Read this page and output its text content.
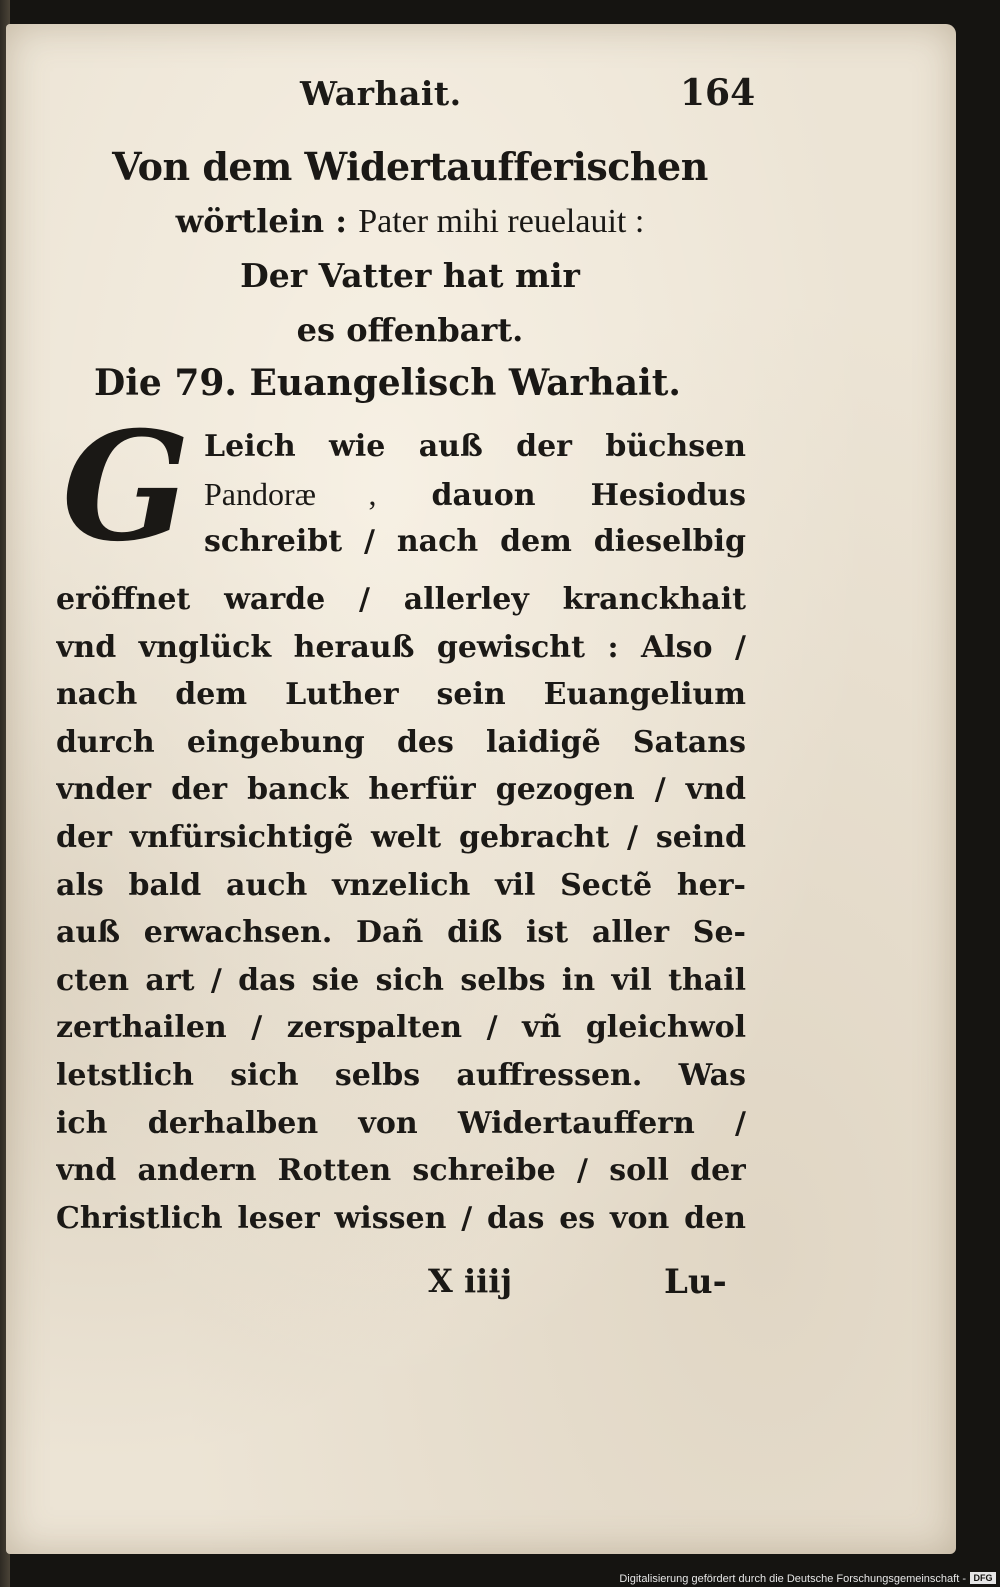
Warhait.	164
Von dem Widertaufferischen
wörtlein : Pater mihi reuelauit :
Der Vatter hat mir
es offenbart.
Die 79. Euangelisch Warhait.
G Leich wie auß der büchsen
Pandoræ , dauon Hesiodus
schreibt / nach dem dieselbig
eröffnet warde / allerley kranckhait
vnd vnglück herauß gewischt : Also /
nach dem Luther sein Euangelium
durch eingebung des laidigẽ Satans
vnder der banck herfür gezogen / vnd
der vnfürsichtigẽ welt gebracht / seind
als bald auch vnzelich vil Sectẽ her-
auß erwachsen. Dañ diß ist aller Se-
cten art / das sie sich selbs in vil thail
zerthailen / zerspalten / vñ gleichwol
letstlich sich selbs auffressen. Was
ich derhalben von Widertauffern /
vnd andern Rotten schreibe / soll der
Christlich leser wissen / das es von den
X iiij	Lu-
Digitalisierung gefördert durch die Deutsche Forschungsgemeinschaft - DFG
